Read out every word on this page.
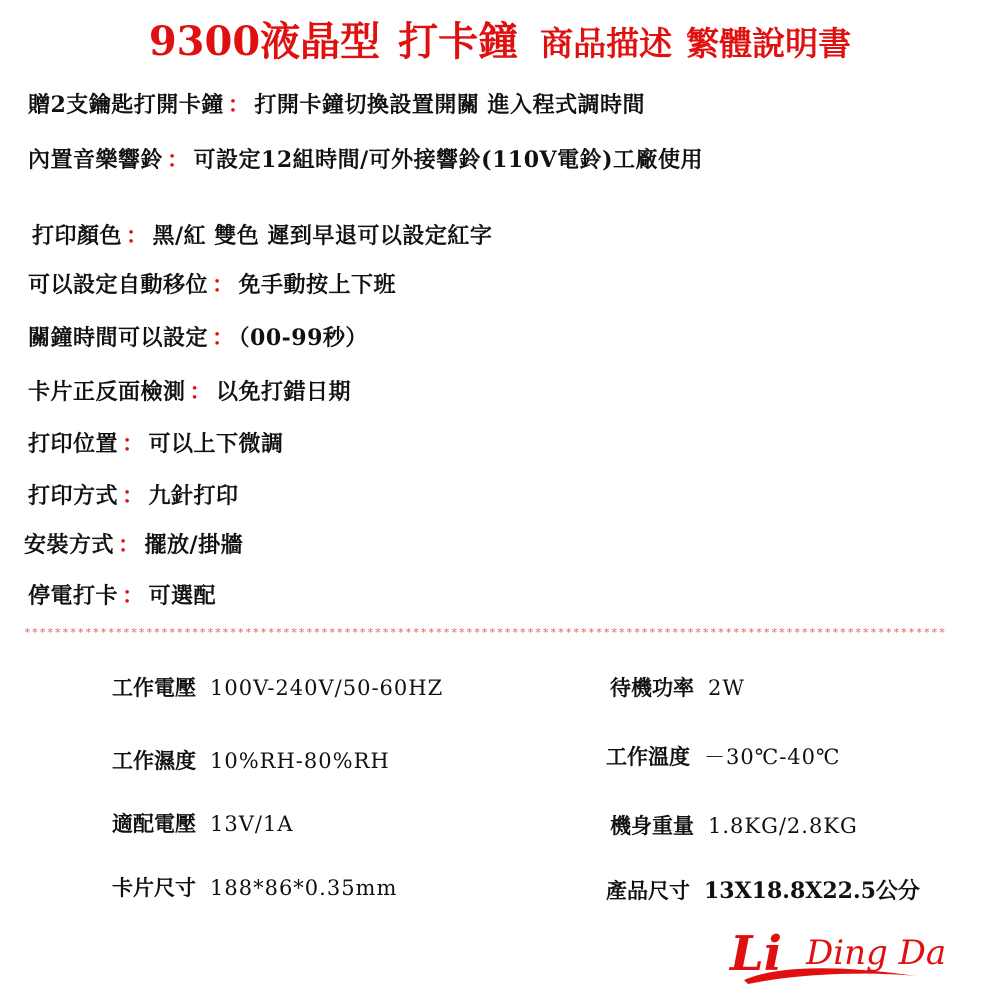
9300液晶型 打卡鐘 商品描述 繁體說明書
贈2支鑰匙打開卡鐘 ： 打開卡鐘切換設置開關 進入程式調時間
內置音樂響鈴 ： 可設定12組時間/可外接響鈴(110V電鈴)工廠使用
打印顏色 ： 黑/紅 雙色 遲到早退可以設定紅字
可以設定自動移位 ： 免手動按上下班
關鐘時間可以設定 ： （00-99秒）
卡片正反面檢測 ： 以免打錯日期
打印位置 ： 可以上下微調
打印方式 ： 九針打印
安裝方式 ： 擺放/掛牆
停電打卡 ： 可選配
*************************************************************************************************************************
工作電壓 100V-240V/50-60HZ	待機功率 2W
工作濕度 10%RH-80%RH	工作溫度 －30℃-40℃
適配電壓 13V/1A	機身重量 1.8KG/2.8KG
卡片尺寸 188*86*0.35mm	產品尺寸 13X18.8X22.5公分
Li Ding Da
